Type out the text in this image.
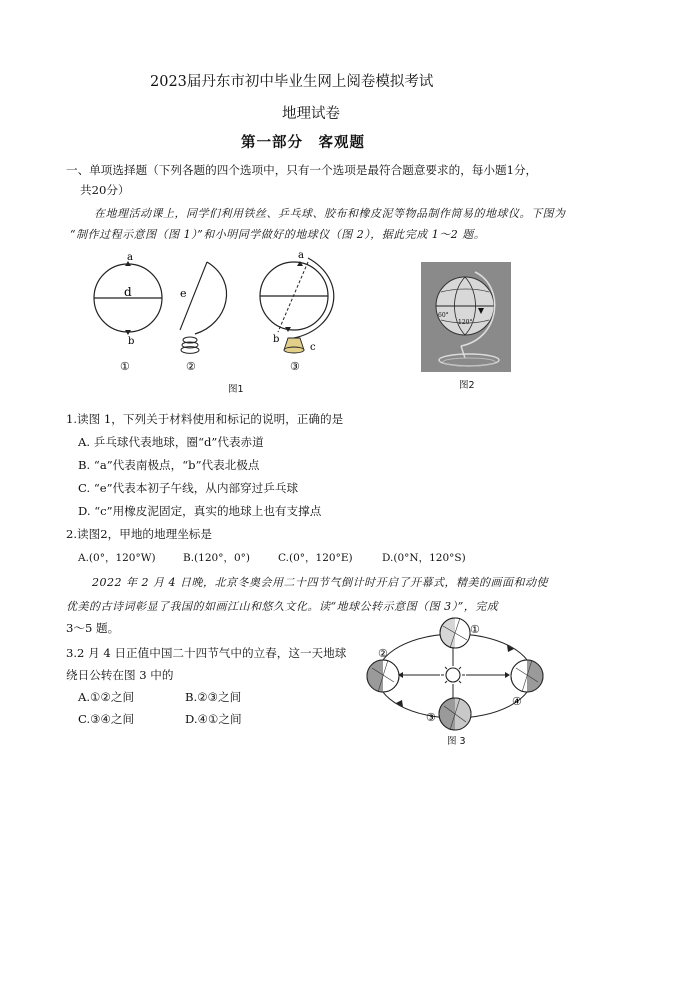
2023届丹东市初中毕业生网上阅卷模拟考试
地理试卷
第一部分　客观题
一、单项选择题（下列各题的四个选项中，只有一个选项是最符合题意要求的，每小题1分，
共20分）
在地理活动课上，同学们利用铁丝、乒乓球、胶布和橡皮泥等物品制作简易的地球仪。下图为
“制作过程示意图（图 1）”和小明同学做好的地球仪（图 2），据此完成 1～2 题。
a
d
b
①
e
②
a
b
c
③
图1
60°
120°
图2
1.读图 1，下列关于材料使用和标记的说明，正确的是
A. 乒乓球代表地球，圈“d”代表赤道
B. “a”代表南极点，“b”代表北极点
C. “e”代表本初子午线，从内部穿过乒乓球
D. “c”用橡皮泥固定，真实的地球上也有支撑点
2.读图2，甲地的地理坐标是
A.(0°，120°W)	B.(120°，0°)	C.(0°，120°E)	D.(0°N，120°S)
2022 年 2 月 4 日晚，北京冬奥会用二十四节气倒计时开启了开幕式，精美的画面和动使
优美的古诗词彰显了我国的如画江山和悠久文化。读“地球公转示意图（图 3）”，完成
3～5 题。
3.2 月 4 日正值中国二十四节气中的立春，这一天地球
绕日公转在图 3 中的
A.①②之间	B.②③之间
C.③④之间	D.④①之间
①
②
③
④
图 3
